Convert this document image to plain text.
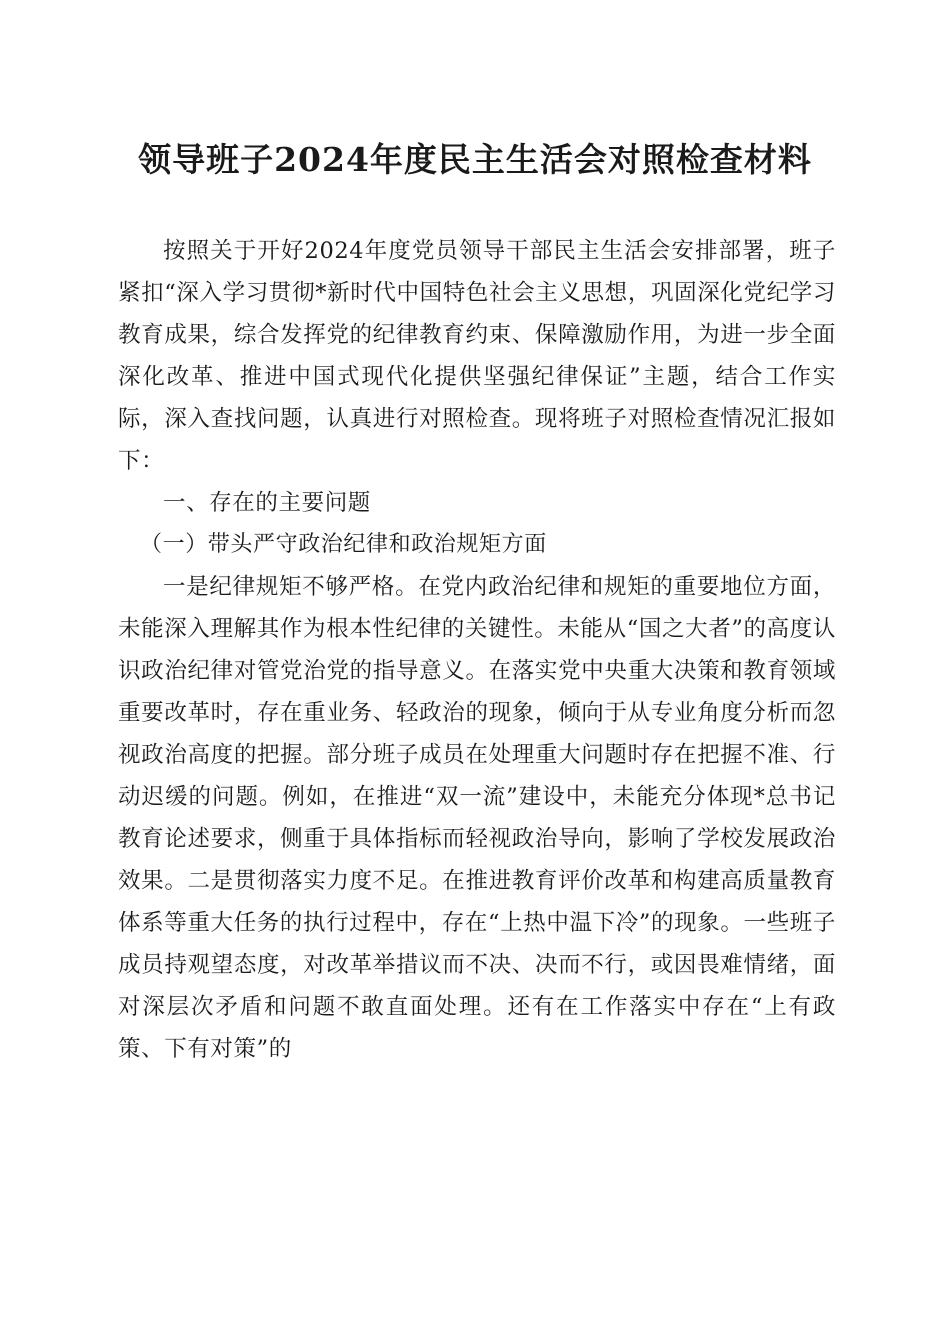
领导班子2024年度民主生活会对照检查材料

按照关于开好2024年度党员领导干部民主生活会安排部署，班子紧扣“深入学习贯彻*新时代中国特色社会主义思想，巩固深化党纪学习教育成果，综合发挥党的纪律教育约束、保障激励作用，为进一步全面深化改革、推进中国式现代化提供坚强纪律保证”主题，结合工作实际，深入查找问题，认真进行对照检查。现将班子对照检查情况汇报如下：

一、存在的主要问题

（一）带头严守政治纪律和政治规矩方面

一是纪律规矩不够严格。在党内政治纪律和规矩的重要地位方面，未能深入理解其作为根本性纪律的关键性。未能从“国之大者”的高度认识政治纪律对管党治党的指导意义。在落实党中央重大决策和教育领域重要改革时，存在重业务、轻政治的现象，倾向于从专业角度分析而忽视政治高度的把握。部分班子成员在处理重大问题时存在把握不准、行动迟缓的问题。例如，在推进“双一流”建设中，未能充分体现*总书记教育论述要求，侧重于具体指标而轻视政治导向，影响了学校发展政治效果。二是贯彻落实力度不足。在推进教育评价改革和构建高质量教育体系等重大任务的执行过程中，存在“上热中温下冷”的现象。一些班子成员持观望态度，对改革举措议而不决、决而不行，或因畏难情绪，面对深层次矛盾和问题不敢直面处理。还有在工作落实中存在“上有政策、下有对策”的
